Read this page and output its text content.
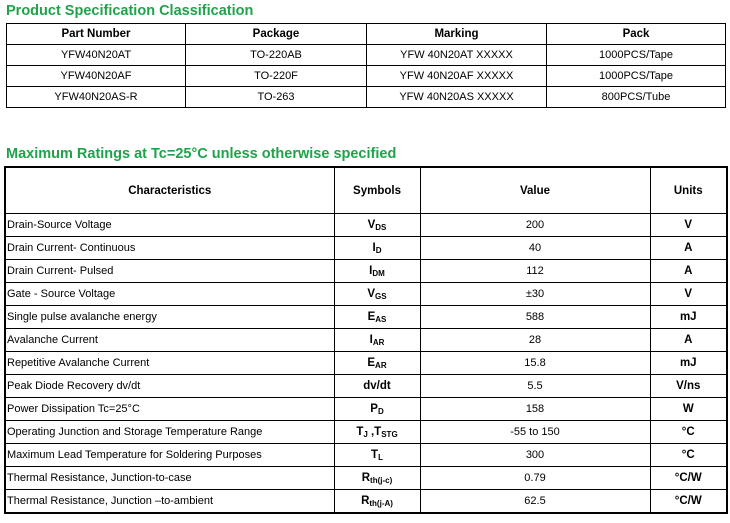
Product Specification Classification
Part Number	Package	Marking	Pack
YFW40N20AT	TO-220AB	YFW 40N20AT XXXXX	1000PCS/Tape
YFW40N20AF	TO-220F	YFW 40N20AF XXXXX	1000PCS/Tape
YFW40N20AS-R	TO-263	YFW 40N20AS XXXXX	800PCS/Tube
Maximum Ratings at Tc=25°C unless otherwise specified
Characteristics	Symbols	Value	Units
Drain-Source Voltage	$V_{DS}$	200	V
Drain Current- Continuous	$I_D$	40	A
Drain Current- Pulsed	$I_{DM}$	112	A
Gate - Source Voltage	$V_{GS}$	±30	V
Single pulse avalanche energy	$E_{AS}$	588	mJ
Avalanche Current	$I_{AR}$	28	A
Repetitive Avalanche Current	$E_{AR}$	15.8	mJ
Peak Diode Recovery dv/dt	dv/dt	5.5	V/ns
Power Dissipation Tc=25°C	$P_D$	158	W
Operating Junction and Storage Temperature Range	$T_J$ $,T_{STG}$	-55 to 150	°C
Maximum Lead Temperature for Soldering Purposes	$T_L$	300	°C
Thermal Resistance, Junction-to-case	$R_{th(j-c)}$	0.79	°C/W
Thermal Resistance, Junction –to-ambient	$R_{th(j-A)}$	62.5	°C/W
